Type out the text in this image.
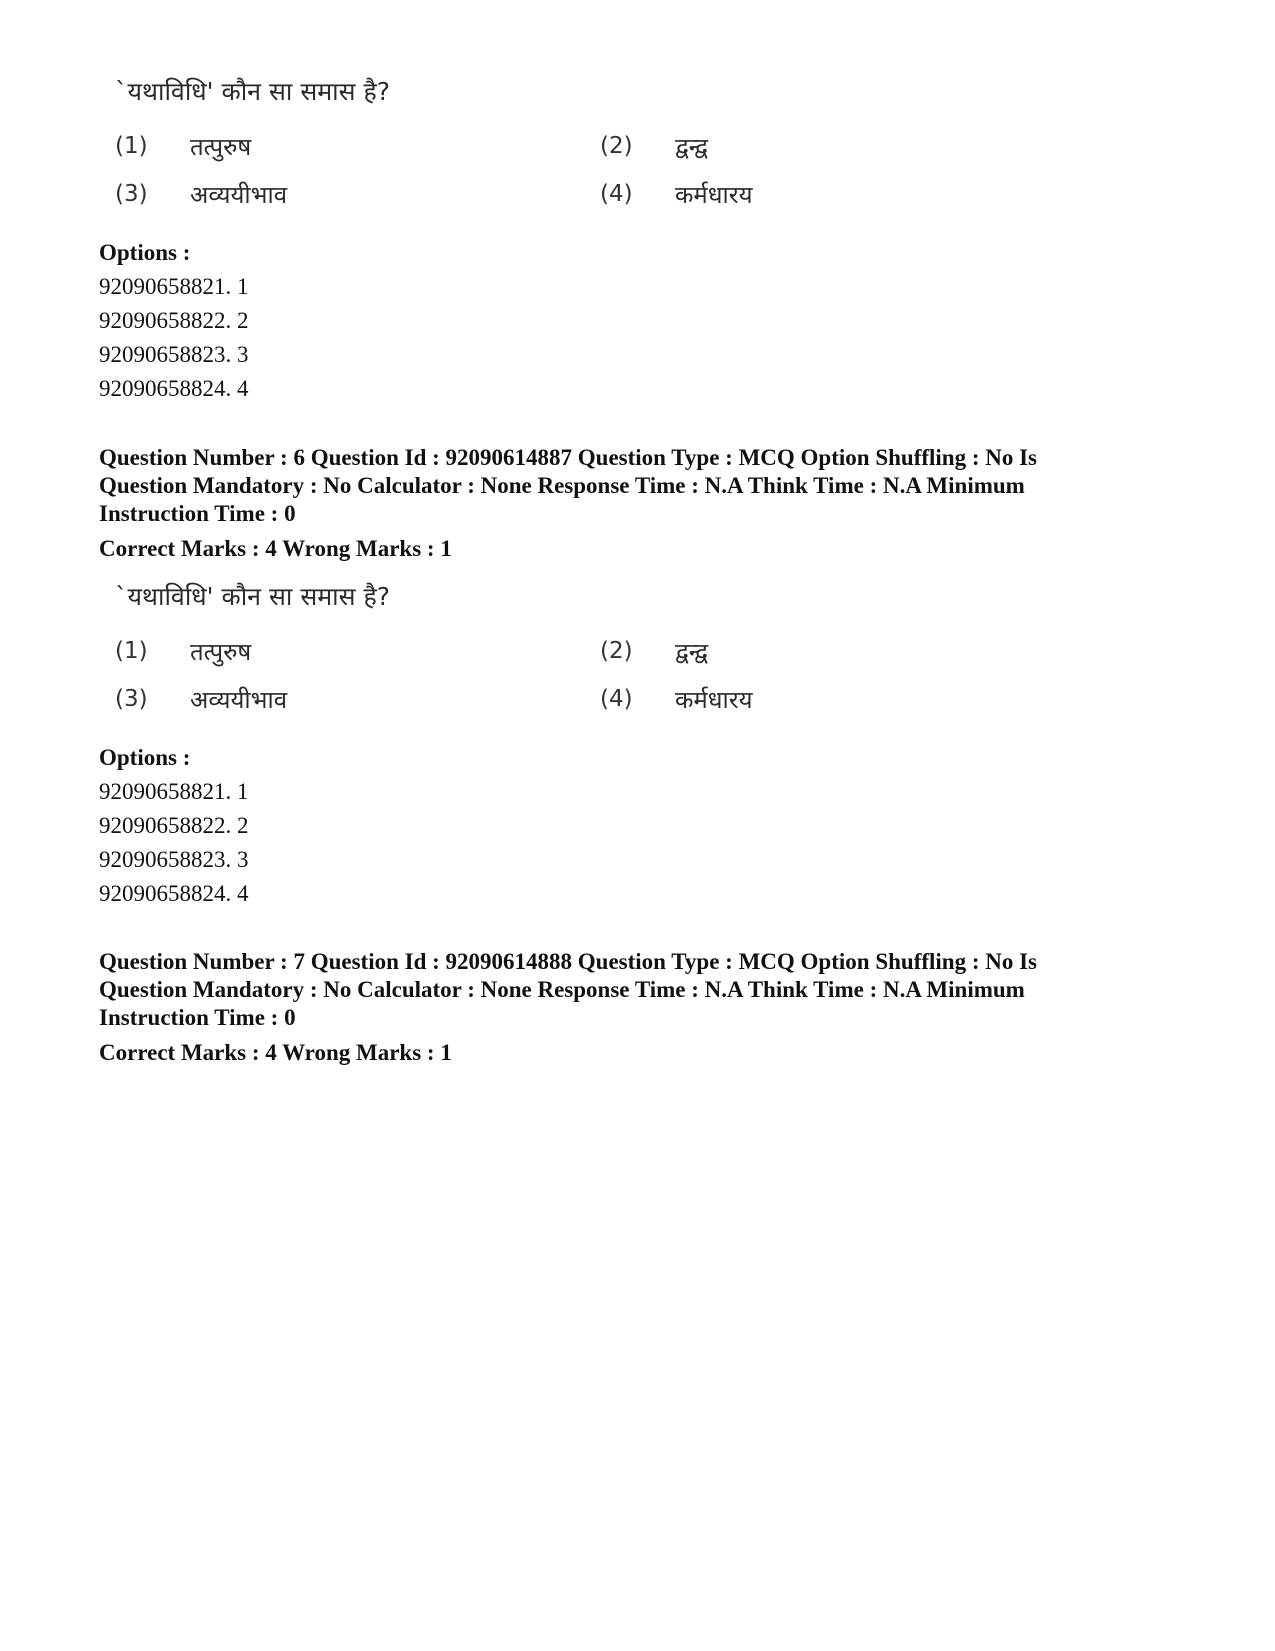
`यथाविधि' कौन सा समास है?
(1)	तत्पुरुष	(2)	द्वन्द्व
(3)	अव्ययीभाव	(4)	कर्मधारय
Options :
92090658821. 1
92090658822. 2
92090658823. 3
92090658824. 4
Question Number : 6 Question Id : 92090614887 Question Type : MCQ Option Shuffling : No Is
Question Mandatory : No Calculator : None Response Time : N.A Think Time : N.A Minimum
Instruction Time : 0
Correct Marks : 4 Wrong Marks : 1
`यथाविधि' कौन सा समास है?
(1)	तत्पुरुष	(2)	द्वन्द्व
(3)	अव्ययीभाव	(4)	कर्मधारय
Options :
92090658821. 1
92090658822. 2
92090658823. 3
92090658824. 4
Question Number : 7 Question Id : 92090614888 Question Type : MCQ Option Shuffling : No Is
Question Mandatory : No Calculator : None Response Time : N.A Think Time : N.A Minimum
Instruction Time : 0
Correct Marks : 4 Wrong Marks : 1
